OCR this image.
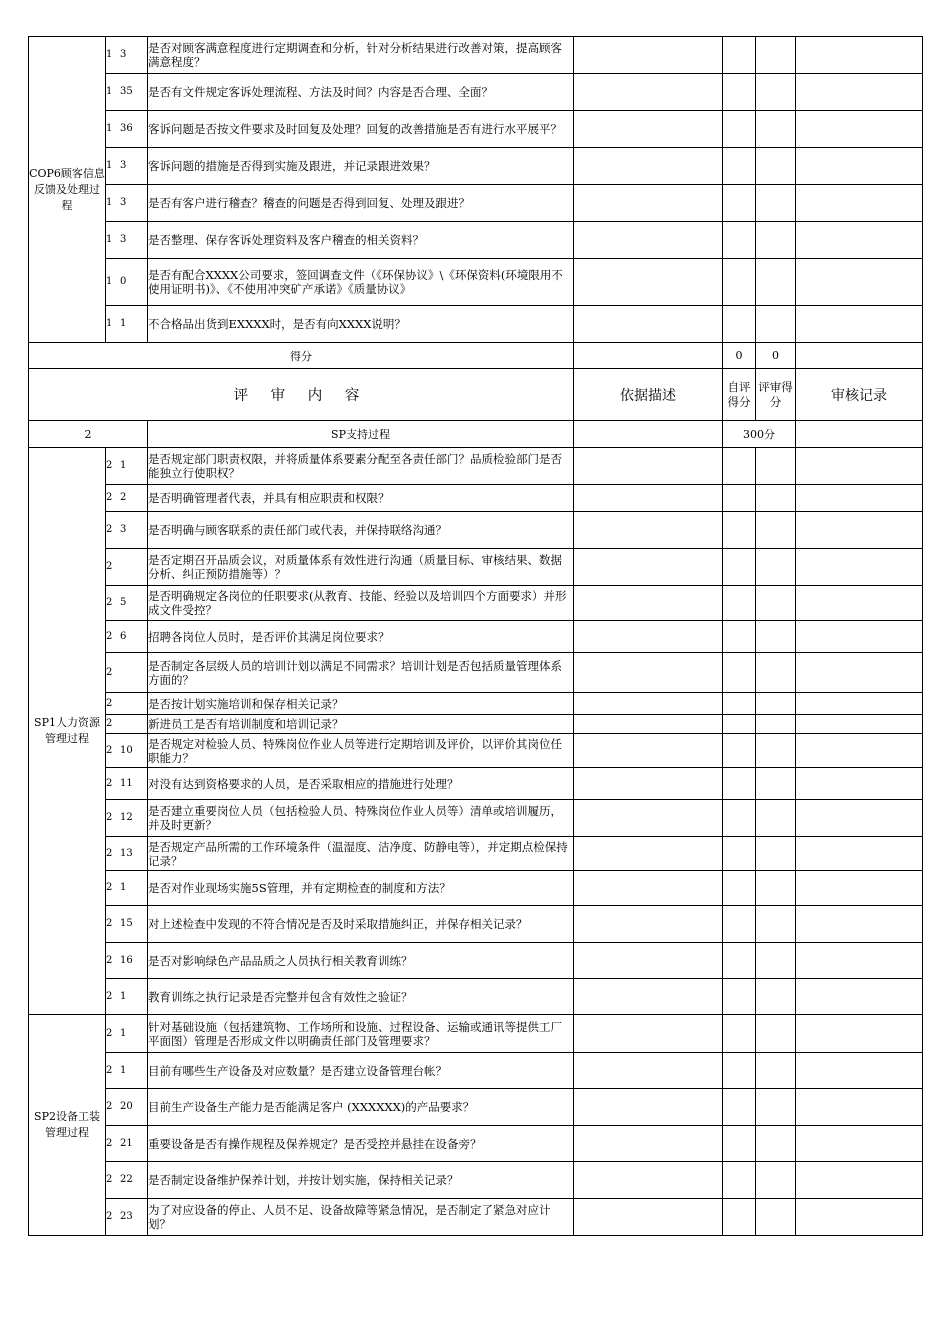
COP6顾客信息反馈及处理过程	1 3	是否对顾客满意程度进行定期调查和分析，针对分析结果进行改善对策，提高顾客满意程度？				
	1 35	是否有文件规定客诉处理流程、方法及时间？内容是否合理、全面？				
	1 36	客诉问题是否按文件要求及时回复及处理？回复的改善措施是否有进行水平展平？				
	1 3	客诉问题的措施是否得到实施及跟进，并记录跟进效果？				
	1 3	是否有客户进行稽查？稽查的问题是否得到回复、处理及跟进？				
	1 3	是否整理、保存客诉处理资料及客户稽查的相关资料？				
	1 0	是否有配合XXXX公司要求，签回调查文件（《环保协议》\《环保资料(环境限用不使用证明书)》、《不使用冲突矿产承诺》《质量协议》				
	1 1	不合格品出货到EXXXX时，是否有向XXXX说明？				
得分				0	0	
评 审 内 容			依据描述	自评得分	评审得分	审核记录
2		SP支持过程		300分		
SP1人力资源管理过程	2 1	是否规定部门职责权限，并将质量体系要素分配至各责任部门？品质检验部门是否能独立行使职权？				
	2 2	是否明确管理者代表，并具有相应职责和权限？				
	2 3	是否明确与顾客联系的责任部门或代表，并保持联络沟通？				
	2	是否定期召开品质会议，对质量体系有效性进行沟通（质量目标、审核结果、数据分析、纠正预防措施等）？				
	2 5	是否明确规定各岗位的任职要求(从教育、技能、经验以及培训四个方面要求）并形成文件受控？				
	2 6	招聘各岗位人员时，是否评价其满足岗位要求？				
	2	是否制定各层级人员的培训计划以满足不同需求？培训计划是否包括质量管理体系方面的？				
	2	是否按计划实施培训和保存相关记录？				
	2	新进员工是否有培训制度和培训记录？				
	2 10	是否规定对检验人员、特殊岗位作业人员等进行定期培训及评价，以评价其岗位任职能力？				
	2 11	对没有达到资格要求的人员，是否采取相应的措施进行处理？				
	2 12	是否建立重要岗位人员（包括检验人员、特殊岗位作业人员等）清单或培训履历，并及时更新？				
	2 13	是否规定产品所需的工作环境条件（温湿度、洁净度、防静电等），并定期点检保持记录？				
	2 1	是否对作业现场实施5S管理，并有定期检查的制度和方法？				
	2 15	对上述检查中发现的不符合情况是否及时采取措施纠正，并保存相关记录？				
	2 16	是否对影响绿色产品品质之人员执行相关教育训练？				
	2 1	教育训练之执行记录是否完整并包含有效性之验证？				
SP2设备工装管理过程	2 1	针对基础设施（包括建筑物、工作场所和设施、过程设备、运输或通讯等提供工厂平面图）管理是否形成文件以明确责任部门及管理要求？				
	2 1	目前有哪些生产设备及对应数量？是否建立设备管理台帐？				
	2 20	目前生产设备生产能力是否能满足客户 (XXXXXX)的产品要求？				
	2 21	重要设备是否有操作规程及保养规定？是否受控并悬挂在设备旁？				
	2 22	是否制定设备维护保养计划，并按计划实施，保持相关记录？				
	2 23	为了对应设备的停止、人员不足、设备故障等紧急情况，是否制定了紧急对应计划？				
